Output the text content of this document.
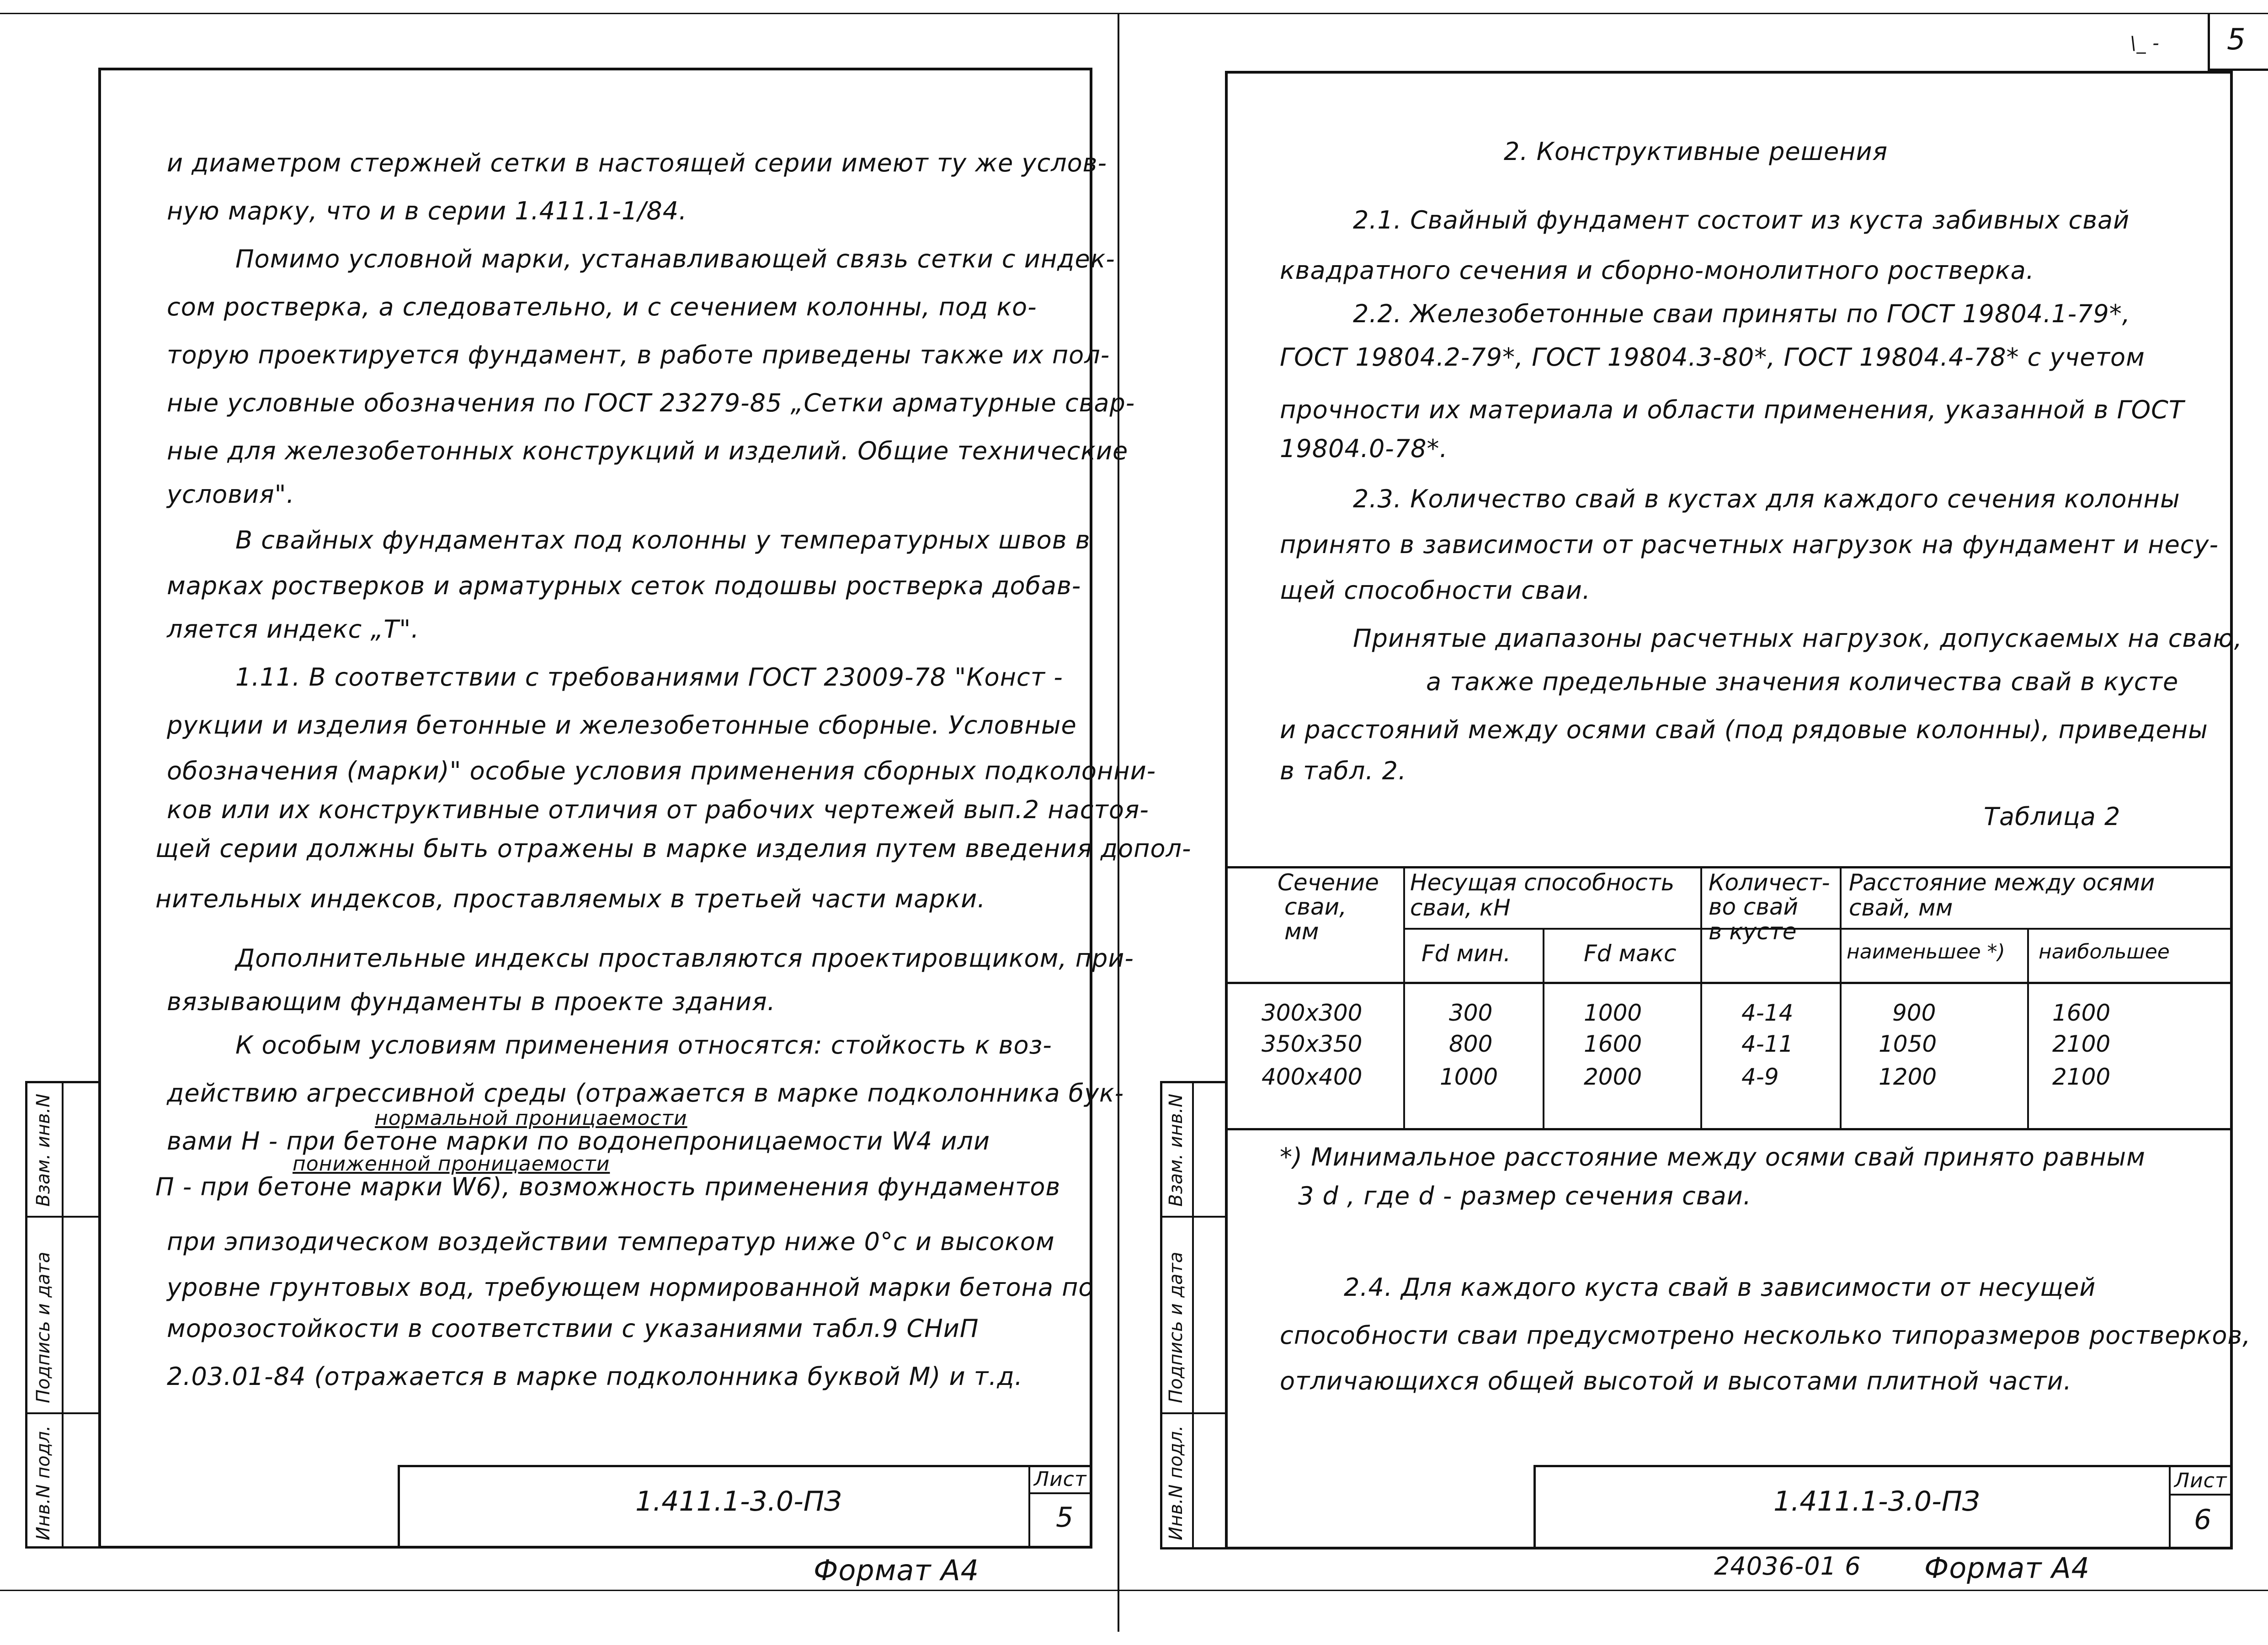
Инв.N подл.
Подпись и дата
Взам. инв.N
и диаметром стержней сетки в настоящей серии имеют ту же услов-
ную марку, что и в серии 1.411.1-1/84.
Помимо условной марки, устанавливающей связь сетки с индек-
сом ростверка, а следовательно, и с сечением колонны, под ко-
торую проектируется фундамент, в работе приведены также их пол-
ные условные обозначения по ГОСТ 23279-85 „Сетки арматурные свар-
ные для железобетонных конструкций и изделий. Общие технические
условия".
В свайных фундаментах под колонны у температурных швов в
марках ростверков и арматурных сеток подошвы ростверка добав-
ляется индекс „Т".
1.11. В соответствии с требованиями ГОСТ 23009-78 "Конст -
рукции и изделия бетонные и железобетонные сборные. Условные
обозначения (марки)" особые условия применения сборных подколонни-
ков или их конструктивные отличия от рабочих чертежей вып.2 настоя-
щей серии должны быть отражены в марке изделия путем введения допол-
нительных индексов, проставляемых в третьей части марки.
Дополнительные индексы проставляются проектировщиком, при-
вязывающим фундаменты в проекте здания.
К особым условиям применения относятся: стойкость к воз-
действию агрессивной среды (отражается в марке подколонника бук-
нормальной проницаемости
вами Н - при бетоне марки по водонепроницаемости W4 или
пониженной проницаемости
П - при бетоне марки W6), возможность применения фундаментов
при эпизодическом воздействии температур ниже 0°с и высоком
уровне грунтовых вод, требующем нормированной марки бетона по
морозостойкости в соответствии с указаниями табл.9 СНиП
2.03.01-84 (отражается в марке подколонника буквой М) и т.д.
1.411.1-3.0-ПЗ
Лист
5
Формат А4
5
\_ -
Инв.N подл.
Подпись и дата
Взам. инв.N
2. Конструктивные решения
2.1. Свайный фундамент состоит из куста забивных свай
квадратного сечения и сборно-монолитного ростверка.
2.2. Железобетонные сваи приняты по ГОСТ 19804.1-79*,
ГОСТ 19804.2-79*, ГОСТ 19804.3-80*, ГОСТ 19804.4-78* с учетом
прочности их материала и области применения, указанной в ГОСТ
19804.0-78*.
2.3. Количество свай в кустах для каждого сечения колонны
принято в зависимости от расчетных нагрузок на фундамент и несу-
щей способности сваи.
Принятые диапазоны расчетных нагрузок, допускаемых на сваю,
а также предельные значения количества свай в кусте
и расстояний между осями свай (под рядовые колонны), приведены
в табл. 2.
Таблица 2
Сечение
сваи,
мм
Несущая способность
сваи, кН
Fd мин.	Fd макс
Количест-
во свай
в кусте
Расстояние между осями
свай, мм
наименьшее *) наибольшее
300x300	300	1000	4-14	900	1600
350x350	800	1600	4-11	1050	2100
400x400	1000	2000	4-9	1200	2100
*) Минимальное расстояние между осями свай принято равным
3 d , где d - размер сечения сваи.
2.4. Для каждого куста свай в зависимости от несущей
способности сваи предусмотрено несколько типоразмеров ростверков,
отличающихся общей высотой и высотами плитной части.
1.411.1-3.0-ПЗ
Лист
6
24036-01 6 Формат А4
